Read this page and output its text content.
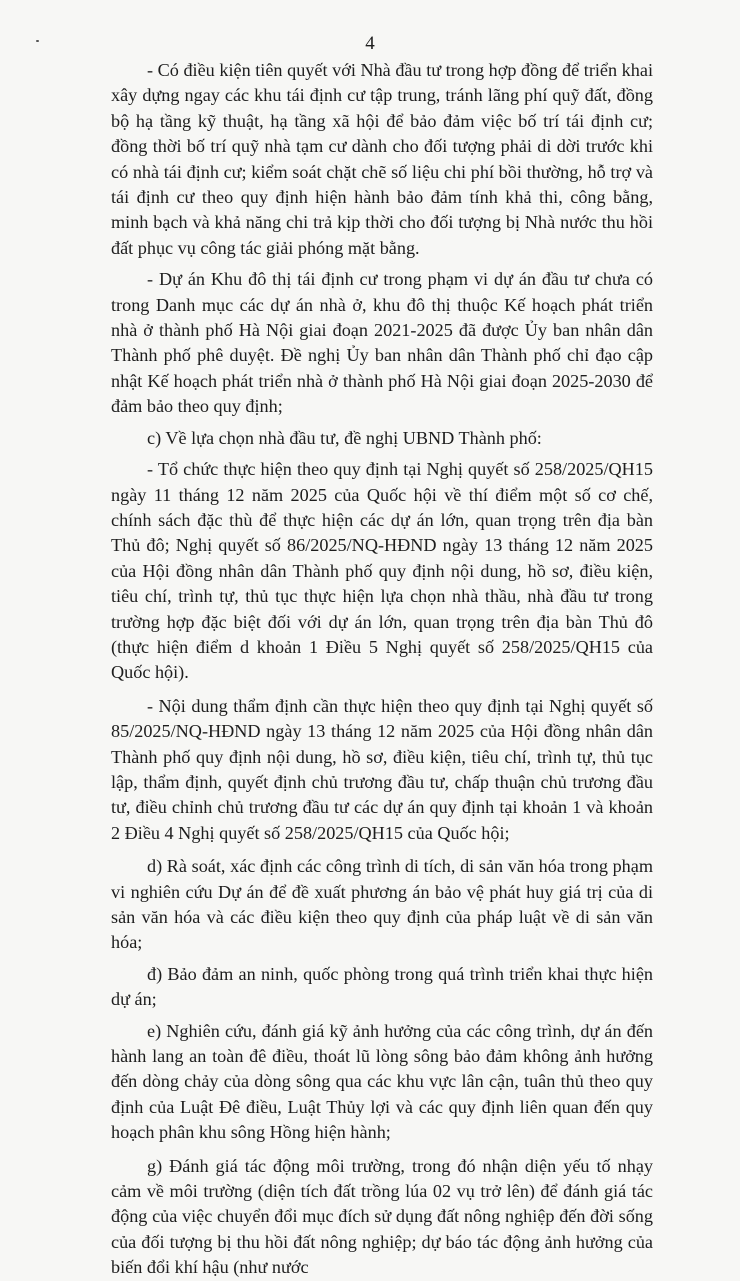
4

- Có điều kiện tiên quyết với Nhà đầu tư trong hợp đồng để triển khai xây dựng ngay các khu tái định cư tập trung, tránh lãng phí quỹ đất, đồng bộ hạ tầng kỹ thuật, hạ tầng xã hội để bảo đảm việc bố trí tái định cư; đồng thời bố trí quỹ nhà tạm cư dành cho đối tượng phải di dời trước khi có nhà tái định cư; kiểm soát chặt chẽ số liệu chi phí bồi thường, hỗ trợ và tái định cư theo quy định hiện hành bảo đảm tính khả thi, công bằng, minh bạch và khả năng chi trả kịp thời cho đối tượng bị Nhà nước thu hồi đất phục vụ công tác giải phóng mặt bằng.

- Dự án Khu đô thị tái định cư trong phạm vi dự án đầu tư chưa có trong Danh mục các dự án nhà ở, khu đô thị thuộc Kế hoạch phát triển nhà ở thành phố Hà Nội giai đoạn 2021-2025 đã được Ủy ban nhân dân Thành phố phê duyệt. Đề nghị Ủy ban nhân dân Thành phố chỉ đạo cập nhật Kế hoạch phát triển nhà ở thành phố Hà Nội giai đoạn 2025-2030 để đảm bảo theo quy định;

c) Về lựa chọn nhà đầu tư, đề nghị UBND Thành phố:

- Tổ chức thực hiện theo quy định tại Nghị quyết số 258/2025/QH15 ngày 11 tháng 12 năm 2025 của Quốc hội về thí điểm một số cơ chế, chính sách đặc thù để thực hiện các dự án lớn, quan trọng trên địa bàn Thủ đô; Nghị quyết số 86/2025/NQ-HĐND ngày 13 tháng 12 năm 2025 của Hội đồng nhân dân Thành phố quy định nội dung, hồ sơ, điều kiện, tiêu chí, trình tự, thủ tục thực hiện lựa chọn nhà thầu, nhà đầu tư trong trường hợp đặc biệt đối với dự án lớn, quan trọng trên địa bàn Thủ đô (thực hiện điểm d khoản 1 Điều 5 Nghị quyết số 258/2025/QH15 của Quốc hội).

- Nội dung thẩm định cần thực hiện theo quy định tại Nghị quyết số 85/2025/NQ-HĐND ngày 13 tháng 12 năm 2025 của Hội đồng nhân dân Thành phố quy định nội dung, hồ sơ, điều kiện, tiêu chí, trình tự, thủ tục lập, thẩm định, quyết định chủ trương đầu tư, chấp thuận chủ trương đầu tư, điều chỉnh chủ trương đầu tư các dự án quy định tại khoản 1 và khoản 2 Điều 4 Nghị quyết số 258/2025/QH15 của Quốc hội;

d) Rà soát, xác định các công trình di tích, di sản văn hóa trong phạm vi nghiên cứu Dự án để đề xuất phương án bảo vệ phát huy giá trị của di sản văn hóa và các điều kiện theo quy định của pháp luật về di sản văn hóa;

đ) Bảo đảm an ninh, quốc phòng trong quá trình triển khai thực hiện dự án;

e) Nghiên cứu, đánh giá kỹ ảnh hưởng của các công trình, dự án đến hành lang an toàn đê điều, thoát lũ lòng sông bảo đảm không ảnh hưởng đến dòng chảy của dòng sông qua các khu vực lân cận, tuân thủ theo quy định của Luật Đê điều, Luật Thủy lợi và các quy định liên quan đến quy hoạch phân khu sông Hồng hiện hành;

g) Đánh giá tác động môi trường, trong đó nhận diện yếu tố nhạy cảm về môi trường (diện tích đất trồng lúa 02 vụ trở lên) để đánh giá tác động của việc chuyển đổi mục đích sử dụng đất nông nghiệp đến đời sống của đối tượng bị thu hồi đất nông nghiệp; dự báo tác động ảnh hưởng của biến đổi khí hậu (như nước
